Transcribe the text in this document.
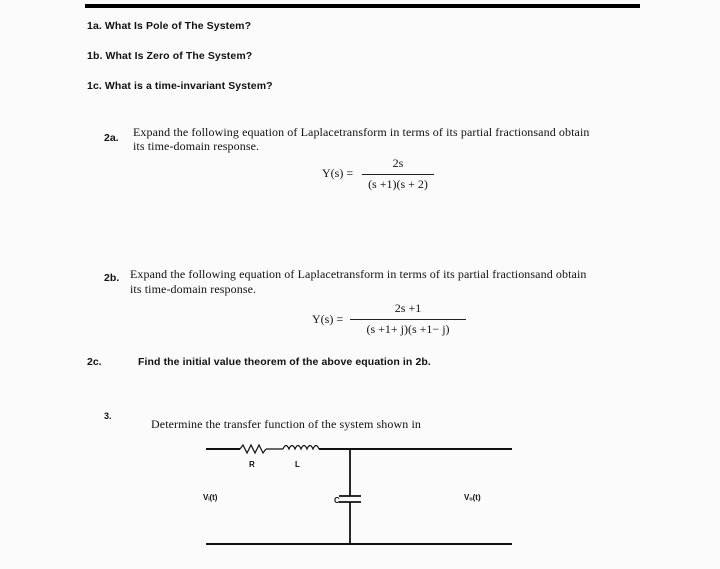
1a. What Is Pole of The System?
1b. What Is Zero of The System?
1c. What is a time-invariant System?
2a. Expand the following equation of Laplacetransform in terms of its partial fractionsand obtain
its time-domain response.
Y(s) =
2s
(s +1)(s + 2)
2b. Expand the following equation of Laplacetransform in terms of its partial fractionsand obtain
its time-domain response.
Y(s) =
2s +1
(s +1+ j)(s +1− j)
2c.	Find the initial value theorem of the above equation in 2b.
3.
Determine the transfer function of the system shown in
R	L
C
Vᵢ(t)	Vₒ(t)
